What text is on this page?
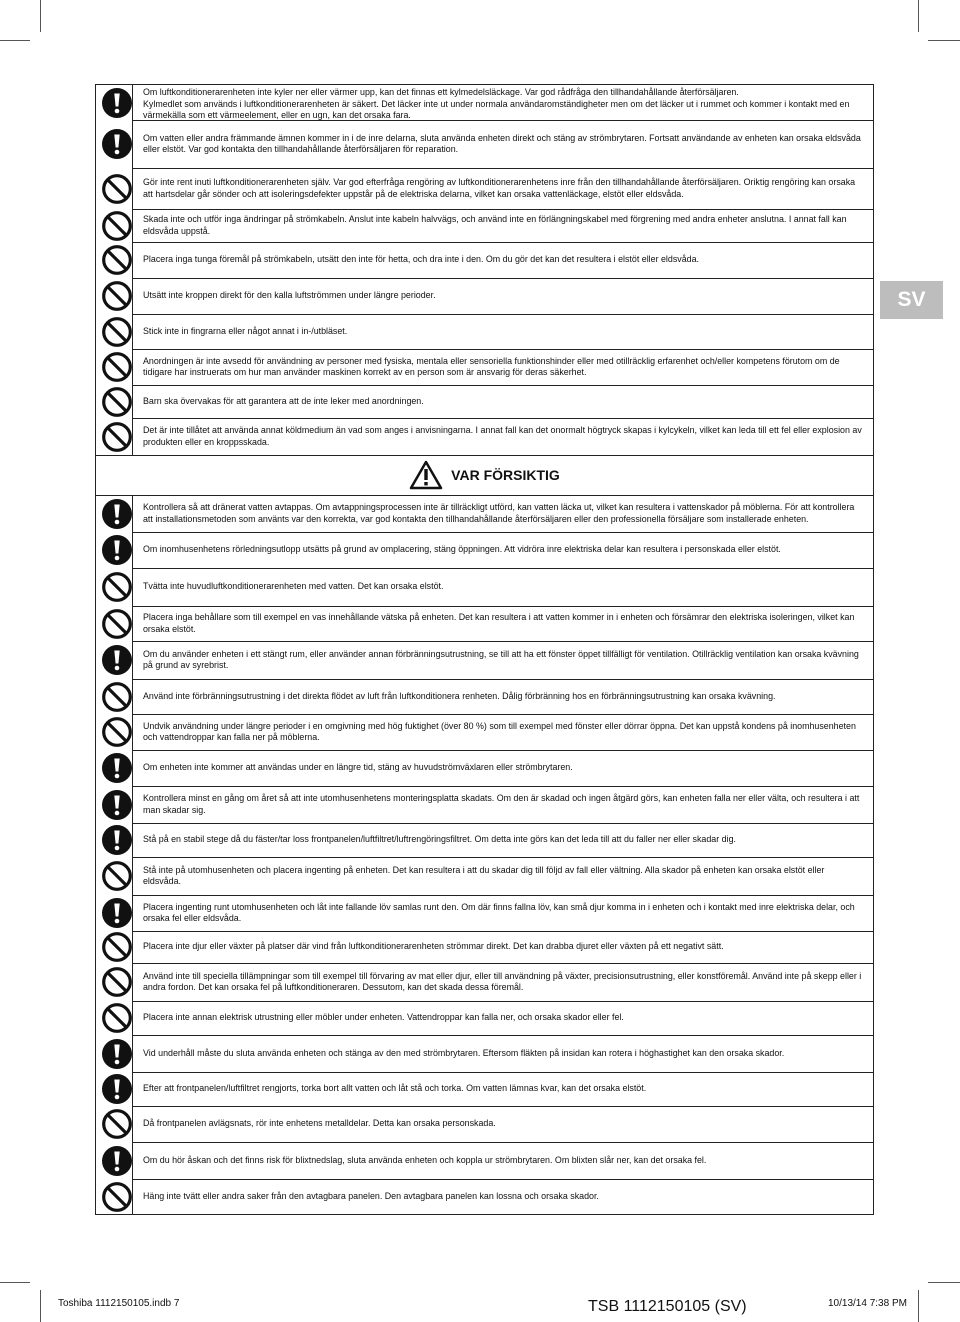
SV
Om luftkonditionerarenheten inte kyler ner eller värmer upp, kan det finnas ett kylmedelsläckage. Var god rådfråga den tillhandahållande återförsäljaren.
Kylmedlet som används i luftkonditionerarenheten är säkert. Det läcker inte ut under normala användaromständigheter men om det läcker ut i rummet och kommer i kontakt med en värmekälla som ett värmeelement, eller en ugn, kan det orsaka fara.
Om vatten eller andra främmande ämnen kommer in i de inre delarna, sluta använda enheten direkt och stäng av strömbrytaren. Fortsatt användande av enheten kan orsaka eldsvåda eller elstöt. Var god kontakta den tillhandahållande återförsäljaren för reparation.
Gör inte rent inuti luftkonditionerarenheten själv. Var god efterfråga rengöring av luftkonditionerarenhetens inre från den tillhandahållande återförsäljaren. Oriktig rengöring kan orsaka att hartsdelar går sönder och att isoleringsdefekter uppstår på de elektriska delarna, vilket kan orsaka vattenläckage, elstöt eller eldsvåda.
Skada inte och utför inga ändringar på strömkabeln. Anslut inte kabeln halvvägs, och använd inte en förlängningskabel med förgrening med andra enheter anslutna. I annat fall kan eldsvåda uppstå.
Placera inga tunga föremål på strömkabeln, utsätt den inte för hetta, och dra inte i den. Om du gör det kan det resultera i elstöt eller eldsvåda.
Utsätt inte kroppen direkt för den kalla luftströmmen under längre perioder.
Stick inte in fingrarna eller något annat i in-/utbläset.
Anordningen är inte avsedd för användning av personer med fysiska, mentala eller sensoriella funktionshinder eller med otillräcklig erfarenhet och/eller kompetens förutom om de tidigare har instruerats om hur man använder maskinen korrekt av en person som är ansvarig för deras säkerhet.
Barn ska övervakas för att garantera att de inte leker med anordningen.
Det är inte tillåtet att använda annat köldmedium än vad som anges i anvisningarna. I annat fall kan det onormalt högtryck skapas i kylcykeln, vilket kan leda till ett fel eller explosion av produkten eller en kroppsskada.
Kontrollera så att dränerat vatten avtappas. Om avtappningsprocessen inte är tillräckligt utförd, kan vatten läcka ut, vilket kan resultera i vattenskador på möblerna. För att kontrollera att installationsmetoden som använts var den korrekta, var god kontakta den tillhandahållande återförsäljaren eller den professionella försäljare som installerade enheten.
Om inomhusenhetens rörledningsutlopp utsätts på grund av omplacering, stäng öppningen. Att vidröra inre elektriska delar kan resultera i personskada eller elstöt.
Tvätta inte huvudluftkonditionerarenheten med vatten. Det kan orsaka elstöt.
Placera inga behållare som till exempel en vas innehållande vätska på enheten. Det kan resultera i att vatten kommer in i enheten och försämrar den elektriska isoleringen, vilket kan orsaka elstöt.
Om du använder enheten i ett stängt rum, eller använder annan förbränningsutrustning, se till att ha ett fönster öppet tillfälligt för ventilation. Otillräcklig ventilation kan orsaka kvävning på grund av syrebrist.
Använd inte förbränningsutrustning i det direkta flödet av luft från luftkonditionera renheten. Dålig förbränning hos en förbränningsutrustning kan orsaka kvävning.
Undvik användning under längre perioder i en omgivning med hög fuktighet (över 80 %) som till exempel med fönster eller dörrar öppna. Det kan uppstå kondens på inomhusenheten och vattendroppar kan falla ner på möblerna.
Om enheten inte kommer att användas under en längre tid, stäng av huvudströmväxlaren eller strömbrytaren.
Kontrollera minst en gång om året så att inte utomhusenhetens monteringsplatta skadats. Om den är skadad och ingen åtgärd görs, kan enheten falla ner eller välta, och resultera i att man skadar sig.
Stå på en stabil stege då du fäster/tar loss frontpanelen/luftfiltret/luftrengöringsfiltret. Om detta inte görs kan det leda till att du faller ner eller skadar dig.
Stå inte på utomhusenheten och placera ingenting på enheten. Det kan resultera i att du skadar dig till följd av fall eller vältning. Alla skador på enheten kan orsaka elstöt eller eldsvåda.
Placera ingenting runt utomhusenheten och låt inte fallande löv samlas runt den. Om där finns fallna löv, kan små djur komma in i enheten och i kontakt med inre elektriska delar, och orsaka fel eller eldsvåda.
Placera inte djur eller växter på platser där vind från luftkonditionerarenheten strömmar direkt. Det kan drabba djuret eller växten på ett negativt sätt.
Använd inte till speciella tillämpningar som till exempel till förvaring av mat eller djur, eller till användning på växter, precisionsutrustning, eller konstföremål. Använd inte på skepp eller i andra fordon. Det kan orsaka fel på luftkonditioneraren. Dessutom, kan det skada dessa föremål.
Placera inte annan elektrisk utrustning eller möbler under enheten. Vattendroppar kan falla ner, och orsaka skador eller fel.
Vid underhåll måste du sluta använda enheten och stänga av den med strömbrytaren. Eftersom fläkten på insidan kan rotera i höghastighet kan den orsaka skador.
Efter att frontpanelen/luftfiltret rengjorts, torka bort allt vatten och låt stå och torka. Om vatten lämnas kvar, kan det orsaka elstöt.
Då frontpanelen avlägsnats, rör inte enhetens metalldelar. Detta kan orsaka personskada.
Om du hör åskan och det finns risk för blixtnedslag, sluta använda enheten och koppla ur strömbrytaren. Om blixten slår ner, kan det orsaka fel.
Häng inte tvätt eller andra saker från den avtagbara panelen. Den avtagbara panelen kan lossna och orsaka skador.
VAR FÖRSIKTIG
Toshiba 1112150105.indb 7	TSB 1112150105 (SV)	10/13/14 7:38 PM
